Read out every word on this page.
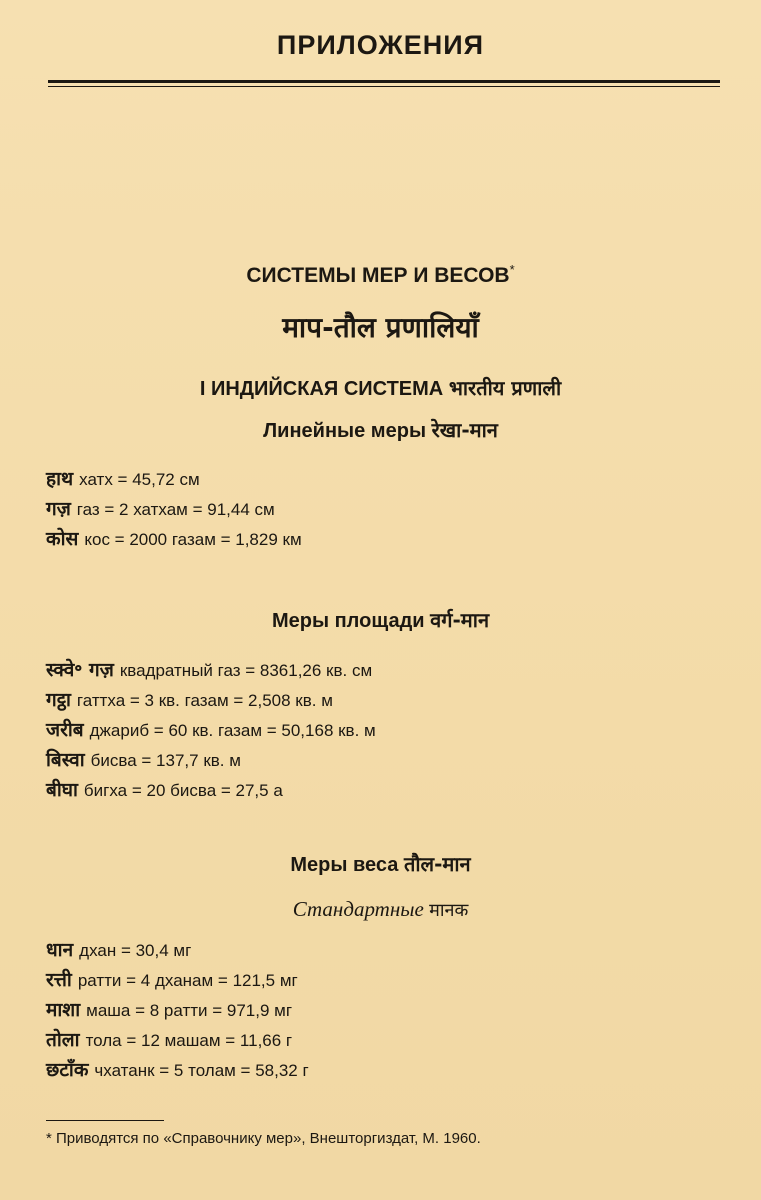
ПРИЛОЖЕНИЯ
СИСТЕМЫ МЕР И ВЕСОВ*
माप-तौल प्रणालियाँ
I ИНДИЙСКАЯ СИСТЕМА भारतीय प्रणाली
Линейные меры रेखा-मान
हाथ хатх = 45,72 см
गज़ газ = 2 хатхам = 91,44 см
कोस кос = 2000 газам = 1,829 км
Меры площади वर्ग-मान
स्क्वे॰ गज़ квадратный газ = 8361,26 кв. см
गट्ठा гаттха = 3 кв. газам = 2,508 кв. м
जरीब джариб = 60 кв. газам = 50,168 кв. м
बिस्वा бисва = 137,7 кв. м
बीघा бигха = 20 бисва = 27,5 а
Меры веса तौल-मान
Стандартные मानक
धान дхан = 30,4 мг
रत्ती ратти = 4 дханам = 121,5 мг
माशा маша = 8 ратти = 971,9 мг
तोला тола = 12 машам = 11,66 г
छटाँक чхатанк = 5 толам = 58,32 г
* Приводятся по «Справочнику мер», Внешторгиздат, М. 1960.
